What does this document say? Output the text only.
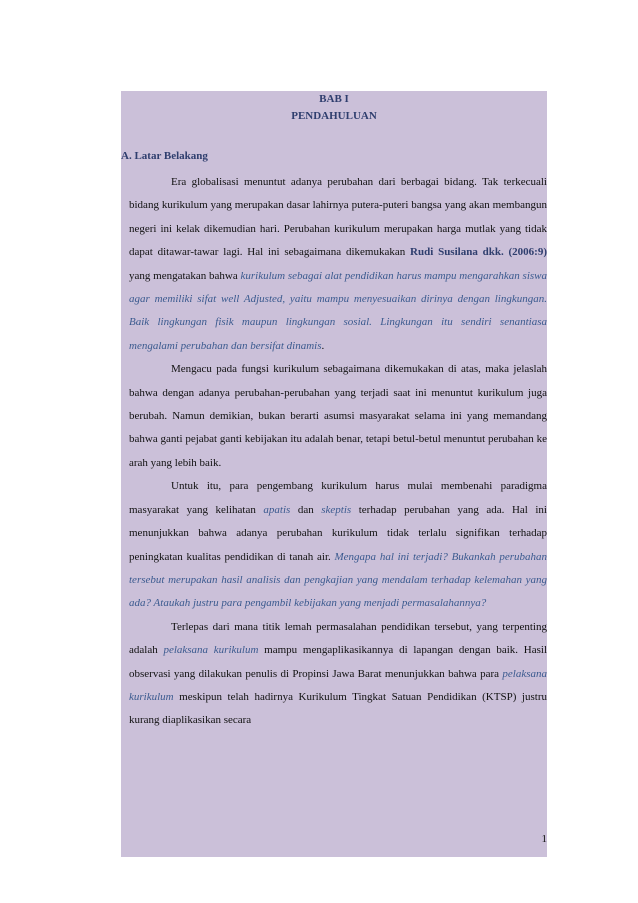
BAB I
PENDAHULUAN
A. Latar Belakang

Era globalisasi menuntut adanya perubahan dari berbagai bidang. Tak terkecuali bidang kurikulum yang merupakan dasar lahirnya putera-puteri bangsa yang akan membangun negeri ini kelak dikemudian hari. Perubahan kurikulum merupakan harga mutlak yang tidak dapat ditawar-tawar lagi. Hal ini sebagaimana dikemukakan Rudi Susilana dkk. (2006:9) yang mengatakan bahwa kurikulum sebagai alat pendidikan harus mampu mengarahkan siswa agar memiliki sifat well Adjusted, yaitu mampu menyesuaikan dirinya dengan lingkungan. Baik lingkungan fisik maupun lingkungan sosial. Lingkungan itu sendiri senantiasa mengalami perubahan dan bersifat dinamis.

Mengacu pada fungsi kurikulum sebagaimana dikemukakan di atas, maka jelaslah bahwa dengan adanya perubahan-perubahan yang terjadi saat ini menuntut kurikulum juga berubah. Namun demikian, bukan berarti asumsi masyarakat selama ini yang memandang bahwa ganti pejabat ganti kebijakan itu adalah benar, tetapi betul-betul menuntut perubahan ke arah yang lebih baik.

Untuk itu, para pengembang kurikulum harus mulai membenahi paradigma masyarakat yang kelihatan apatis dan skeptis terhadap perubahan yang ada. Hal ini menunjukkan bahwa adanya perubahan kurikulum tidak terlalu signifikan terhadap peningkatan kualitas pendidikan di tanah air. Mengapa hal ini terjadi? Bukankah perubahan tersebut merupakan hasil analisis dan pengkajian yang mendalam terhadap kelemahan yang ada? Ataukah justru para pengambil kebijakan yang menjadi permasalahannya?

Terlepas dari mana titik lemah permasalahan pendidikan tersebut, yang terpenting adalah pelaksana kurikulum mampu mengaplikasikannya di lapangan dengan baik. Hasil observasi yang dilakukan penulis di Propinsi Jawa Barat menunjukkan bahwa para pelaksana kurikulum meskipun telah hadirnya Kurikulum Tingkat Satuan Pendidikan (KTSP) justru kurang diaplikasikan secara

1
